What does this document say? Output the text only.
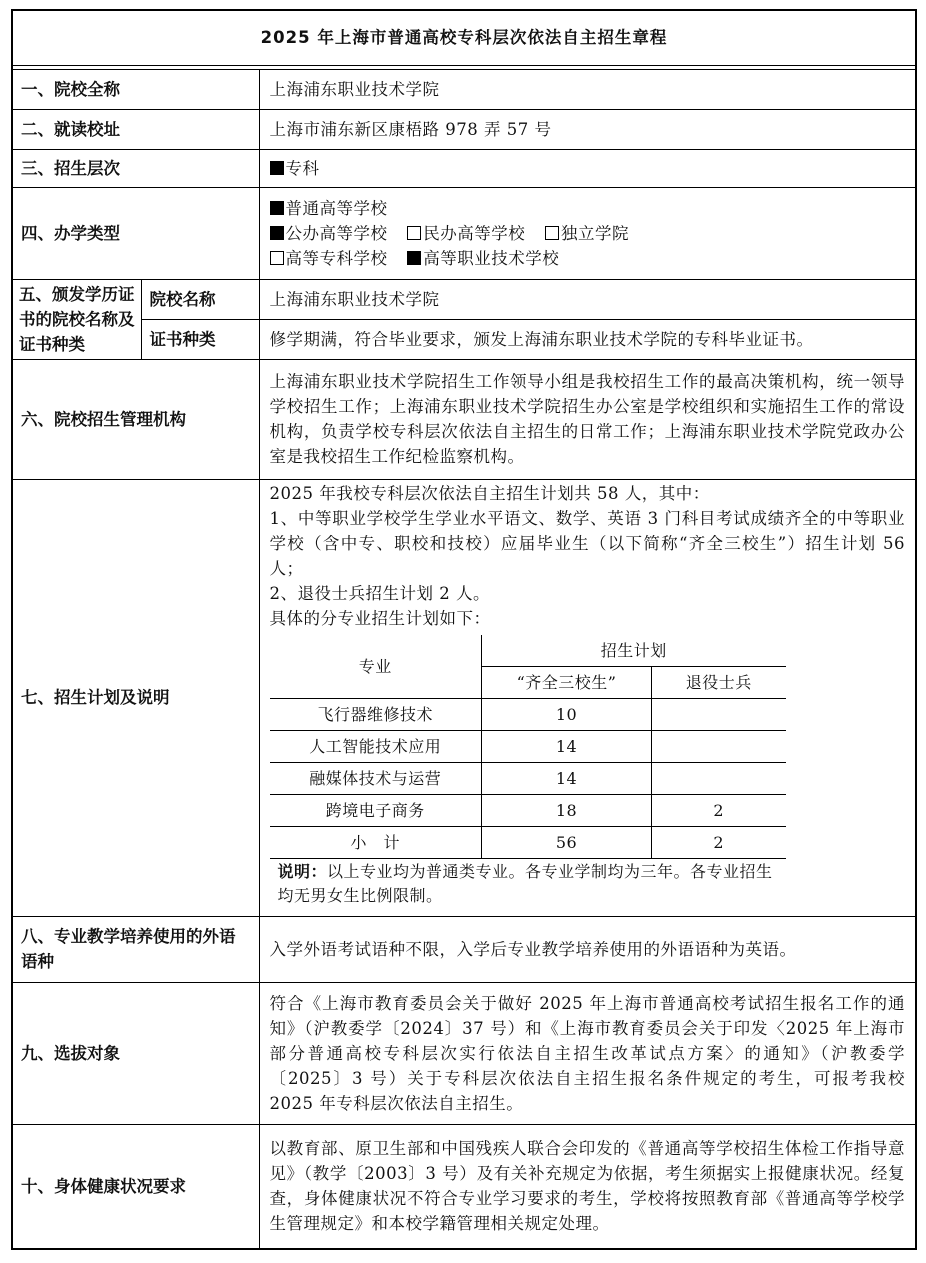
2025 年上海市普通高校专科层次依法自主招生章程

一、院校全称	上海浦东职业技术学院
二、就读校址	上海市浦东新区康梧路 978 弄 57 号
三、招生层次	专科
四、办学类型	
普通高等学校
公办高等学校 民办高等学校 独立学院
高等专科学校 高等职业技术学校

五、颁发学历证书的院校名称及证书种类	院校名称	上海浦东职业技术学院
证书种类	修学期满，符合毕业要求，颁发上海浦东职业技术学院的专科毕业证书。
六、院校招生管理机构	上海浦东职业技术学院招生工作领导小组是我校招生工作的最高决策机构，统一领导学校招生工作；上海浦东职业技术学院招生办公室是学校组织和实施招生工作的常设机构，负责学校专科层次依法自主招生的日常工作；上海浦东职业技术学院党政办公室是我校招生工作纪检监察机构。
七、招生计划及说明	
2025 年我校专科层次依法自主招生计划共 58 人，其中：
1、中等职业学校学生学业水平语文、数学、英语 3 门科目考试成绩齐全的中等职业学校（含中专、职校和技校）应届毕业生（以下简称“齐全三校生”）招生计划 56 人；
2、退役士兵招生计划 2 人。
具体的分专业招生计划如下：
专业	招生计划
“齐全三校生”	退役士兵
飞行器维修技术	10	
人工智能技术应用	14	
融媒体技术与运营	14	
跨境电子商务	18	2
小　计	56	2
说明：以上专业均为普通类专业。各专业学制均为三年。各专业招生均无男女生比例限制。

八、专业教学培养使用的外语语种	入学外语考试语种不限，入学后专业教学培养使用的外语语种为英语。
九、选拔对象	符合《上海市教育委员会关于做好 2025 年上海市普通高校考试招生报名工作的通知》（沪教委学〔2024〕37 号）和《上海市教育委员会关于印发〈2025 年上海市部分普通高校专科层次实行依法自主招生改革试点方案〉的通知》（沪教委学〔2025〕3 号）关于专科层次依法自主招生报名条件规定的考生，可报考我校 2025 年专科层次依法自主招生。
十、身体健康状况要求	以教育部、原卫生部和中国残疾人联合会印发的《普通高等学校招生体检工作指导意见》（教学〔2003〕3 号）及有关补充规定为依据，考生须据实上报健康状况。经复查，身体健康状况不符合专业学习要求的考生，学校将按照教育部《普通高等学校学生管理规定》和本校学籍管理相关规定处理。
